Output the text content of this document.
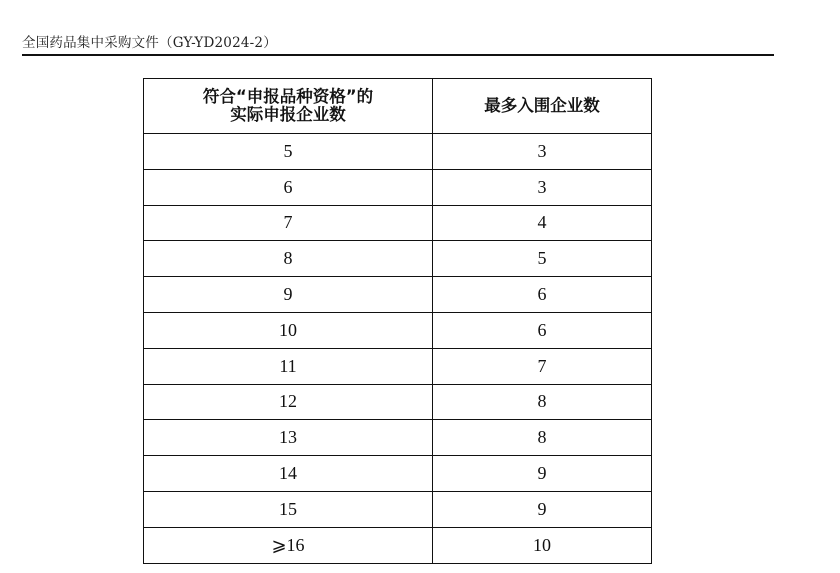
全国药品集中采购文件（GY-YD2024-2）
符合“申报品种资格”的
实际申报企业数	最多入围企业数
5	3
6	3
7	4
8	5
9	6
10	6
11	7
12	8
13	8
14	9
15	9
⩾16	10
